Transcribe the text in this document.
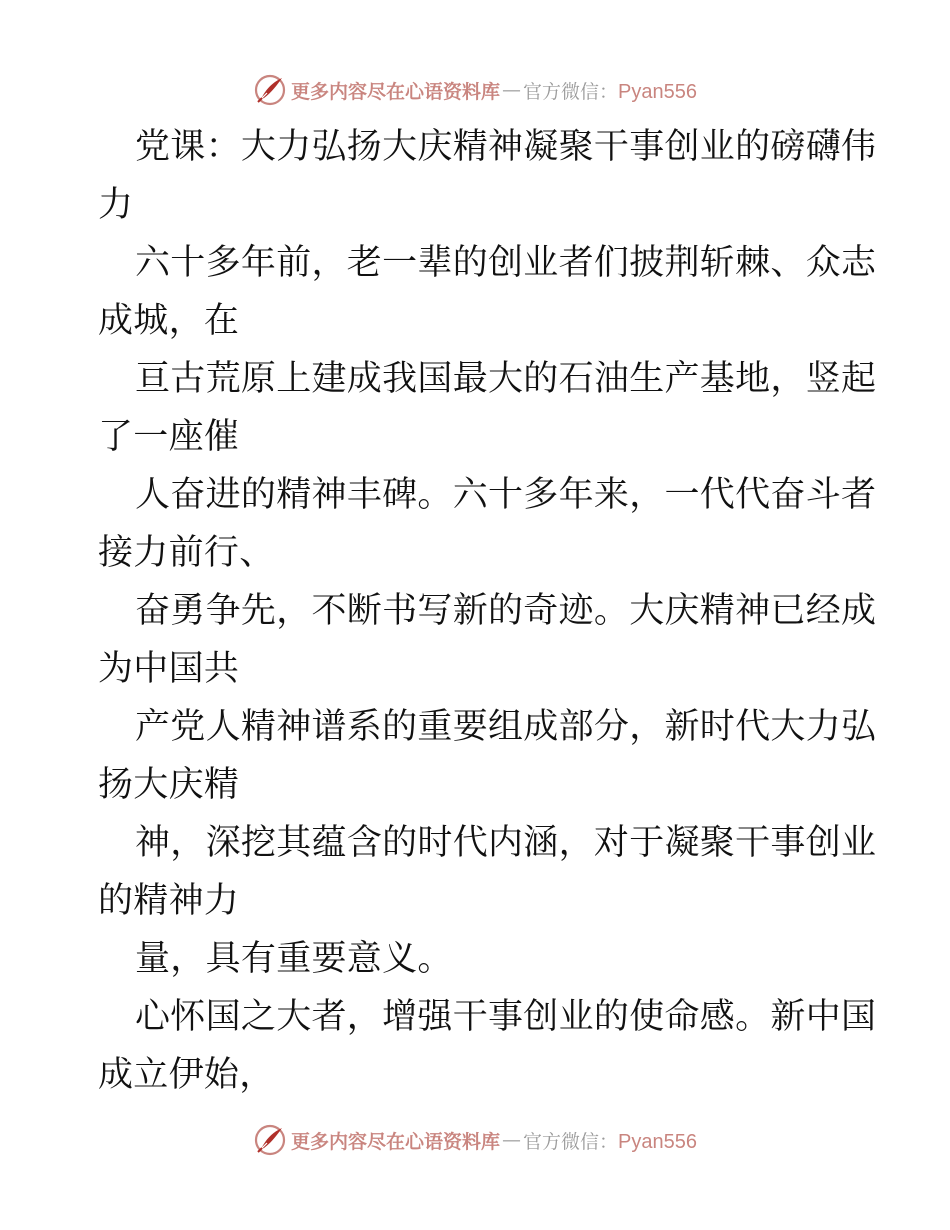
更多内容尽在心语资料库 — 官方微信：Pyan556
党课：大力弘扬大庆精神凝聚干事创业的磅礴伟
力
六十多年前，老一辈的创业者们披荆斩棘、众志
成城，在
亘古荒原上建成我国最大的石油生产基地，竖起
了一座催
人奋进的精神丰碑。六十多年来，一代代奋斗者
接力前行、
奋勇争先，不断书写新的奇迹。大庆精神已经成
为中国共
产党人精神谱系的重要组成部分，新时代大力弘
扬大庆精
神，深挖其蕴含的时代内涵，对于凝聚干事创业
的精神力
量，具有重要意义。
心怀国之大者，增强干事创业的使命感。新中国
成立伊始，
更多内容尽在心语资料库 — 官方微信：Pyan556
